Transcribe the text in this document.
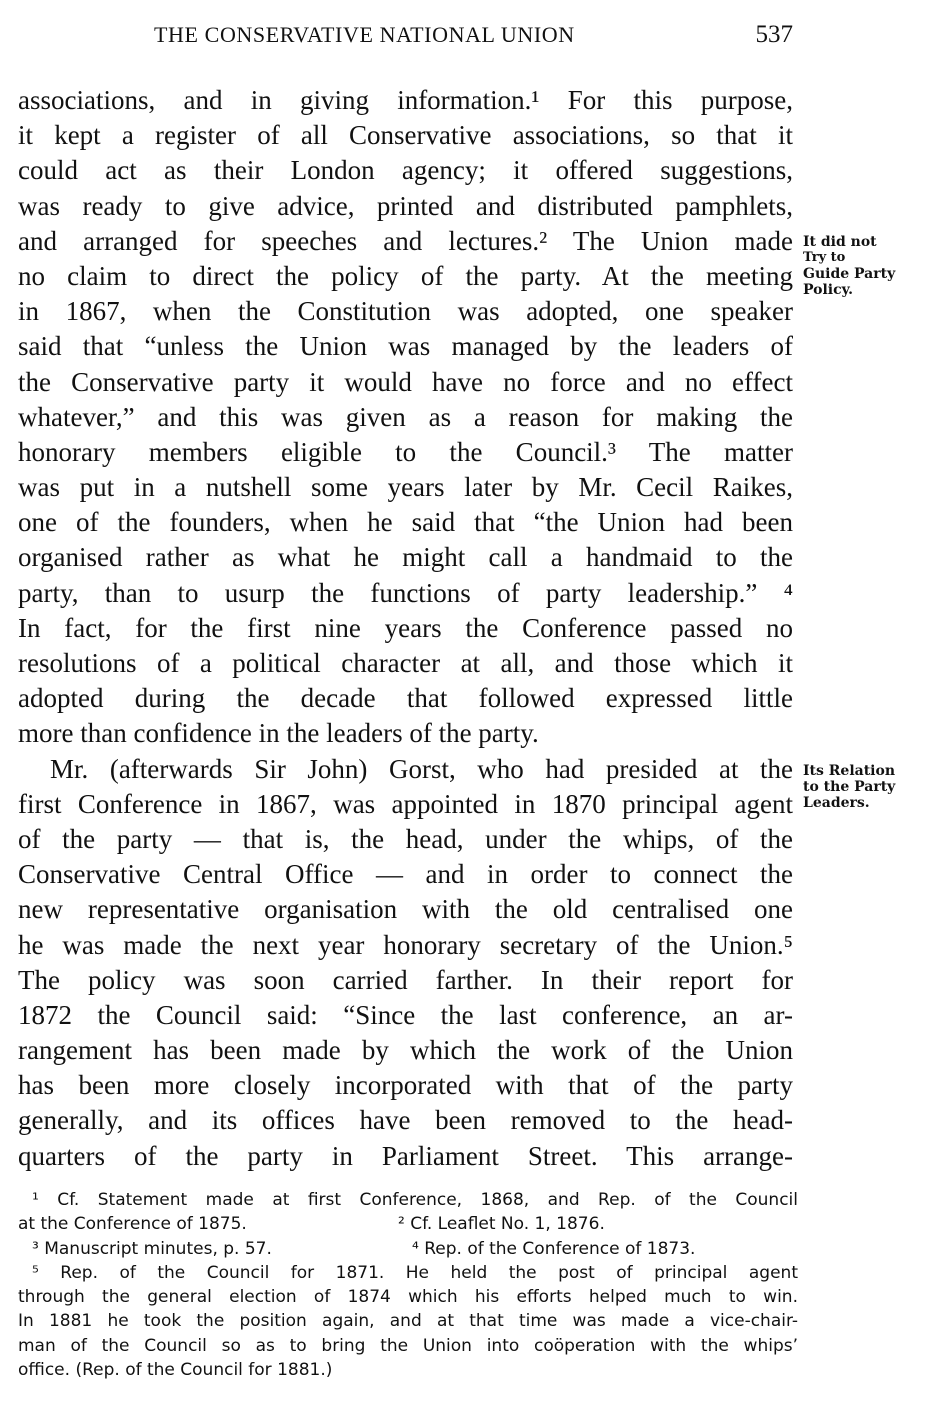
THE CONSERVATIVE NATIONAL UNION	537
associations, and in giving information.¹ For this purpose,
it kept a register of all Conservative associations, so that it
could act as their London agency; it offered suggestions,
was ready to give advice, printed and distributed pamphlets,
and arranged for speeches and lectures.² The Union made
no claim to direct the policy of the party. At the meeting
in 1867, when the Constitution was adopted, one speaker
said that “unless the Union was managed by the leaders of
the Conservative party it would have no force and no effect
whatever,” and this was given as a reason for making the
honorary members eligible to the Council.³ The matter
was put in a nutshell some years later by Mr. Cecil Raikes,
one of the founders, when he said that “the Union had been
organised rather as what he might call a handmaid to the
party, than to usurp the functions of party leadership.” ⁴
In fact, for the first nine years the Conference passed no
resolutions of a political character at all, and those which it
adopted during the decade that followed expressed little
more than confidence in the leaders of the party.
Mr. (afterwards Sir John) Gorst, who had presided at the
first Conference in 1867, was appointed in 1870 principal agent
of the party — that is, the head, under the whips, of the
Conservative Central Office — and in order to connect the
new representative organisation with the old centralised one
he was made the next year honorary secretary of the Union.⁵
The policy was soon carried farther. In their report for
1872 the Council said: “Since the last conference, an ar-
rangement has been made by which the work of the Union
has been more closely incorporated with that of the party
generally, and its offices have been removed to the head-
quarters of the party in Parliament Street. This arrange-
It did not
Try to
Guide Party
Policy.
Its Relation
to the Party
Leaders.
¹ Cf. Statement made at first Conference, 1868, and Rep. of the Council
at the Conference of 1875.	² Cf. Leaflet No. 1, 1876.
³ Manuscript minutes, p. 57.	⁴ Rep. of the Conference of 1873.
⁵ Rep. of the Council for 1871. He held the post of principal agent
through the general election of 1874 which his efforts helped much to win.
In 1881 he took the position again, and at that time was made a vice-chair-
man of the Council so as to bring the Union into coöperation with the whips’
office. (Rep. of the Council for 1881.)
